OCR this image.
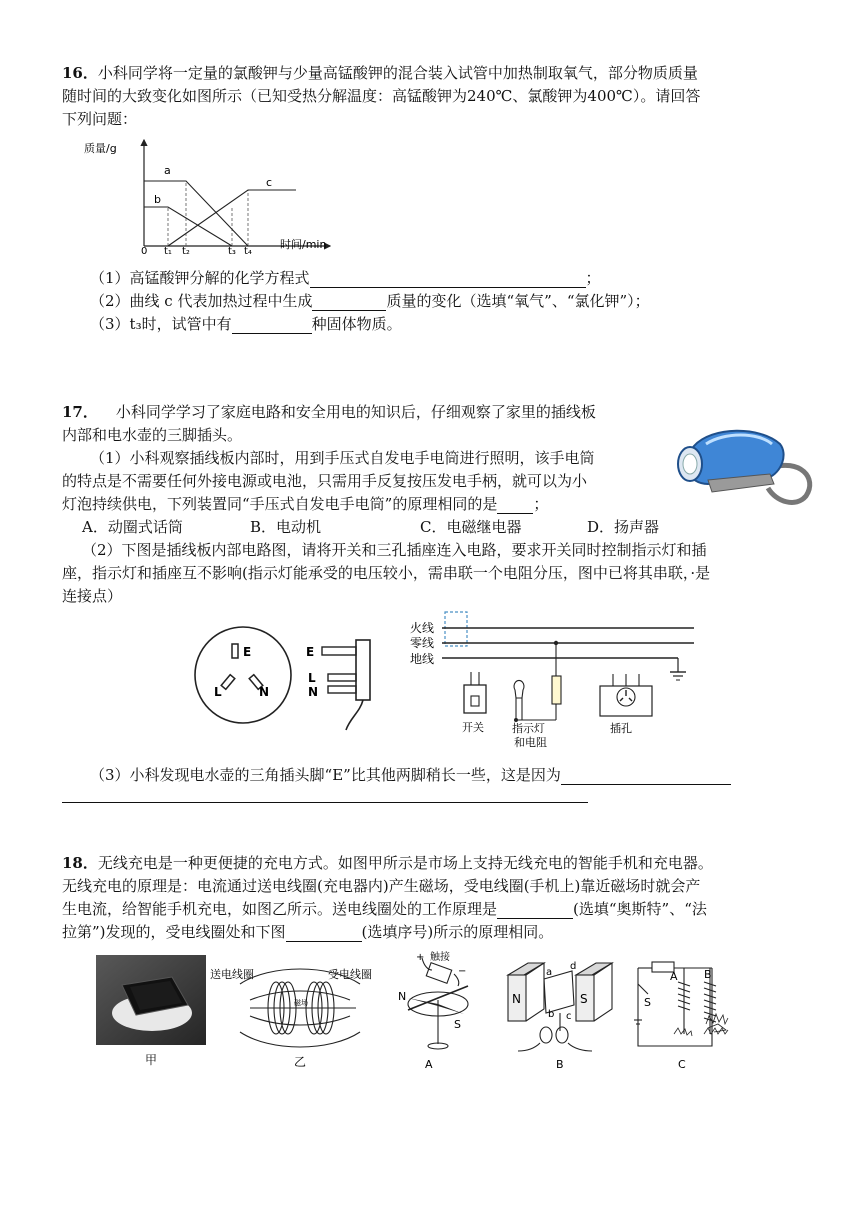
16．小科同学将一定量的氯酸钾与少量高锰酸钾的混合装入试管中加热制取氧气，部分物质质量
随时间的大致变化如图所示（已知受热分解温度：高锰酸钾为240℃、氯酸钾为400℃）。请回答
下列问题：
质量/g
时间/min
0 t₁ t₂	t₃ t₄
a
b
c
（1）高锰酸钾分解的化学方程式	；
（2）曲线 c 代表加热过程中生成	质量的变化（选填“氧气”、“氯化钾”）；
（3）t₃时，试管中有	种固体物质。
17． 小科同学学习了家庭电路和安全用电的知识后，仔细观察了家里的插线板
内部和电水壶的三脚插头。
（1）小科观察插线板内部时，用到手压式自发电手电筒进行照明，该手电筒
的特点是不需要任何外接电源或电池，只需用手反复按压发电手柄，就可以为小
灯泡持续供电，下列装置同“手压式自发电手电筒”的原理相同的是 ；
A．动圈式话筒	B．电动机	C．电磁继电器	D．扬声器
（2）下图是插线板内部电路图，请将开关和三孔插座连入电路，要求开关同时控制指示灯和插
座，指示灯和插座互不影响(指示灯能承受的电压较小，需串联一个电阻分压，图中已将其串联，·是
连接点）
E
L	N
E
L
N
火线
零线
地线
开关	指示灯
和电阻
插孔
（3）小科发现电水壶的三角插头脚“E”比其他两脚稍长一些，这是因为
18．无线充电是一种更便捷的充电方式。如图甲所示是市场上支持无线充电的智能手机和充电器。
无线充电的原理是：电流通过送电线圈(充电器内)产生磁场，受电线圈(手机上)靠近磁场时就会产
生电流，给智能手机充电，如图乙所示。送电线圈处的工作原理是	(选填“奥斯特”、“法
拉第”)发现的，受电线圈处和下图	(选填序号)所示的原理相同。
甲
送电线圈	受电线圈
磁场
乙
+ 触接
−
N
S
A
N	S
a
d
b c
B
S
A B
C
